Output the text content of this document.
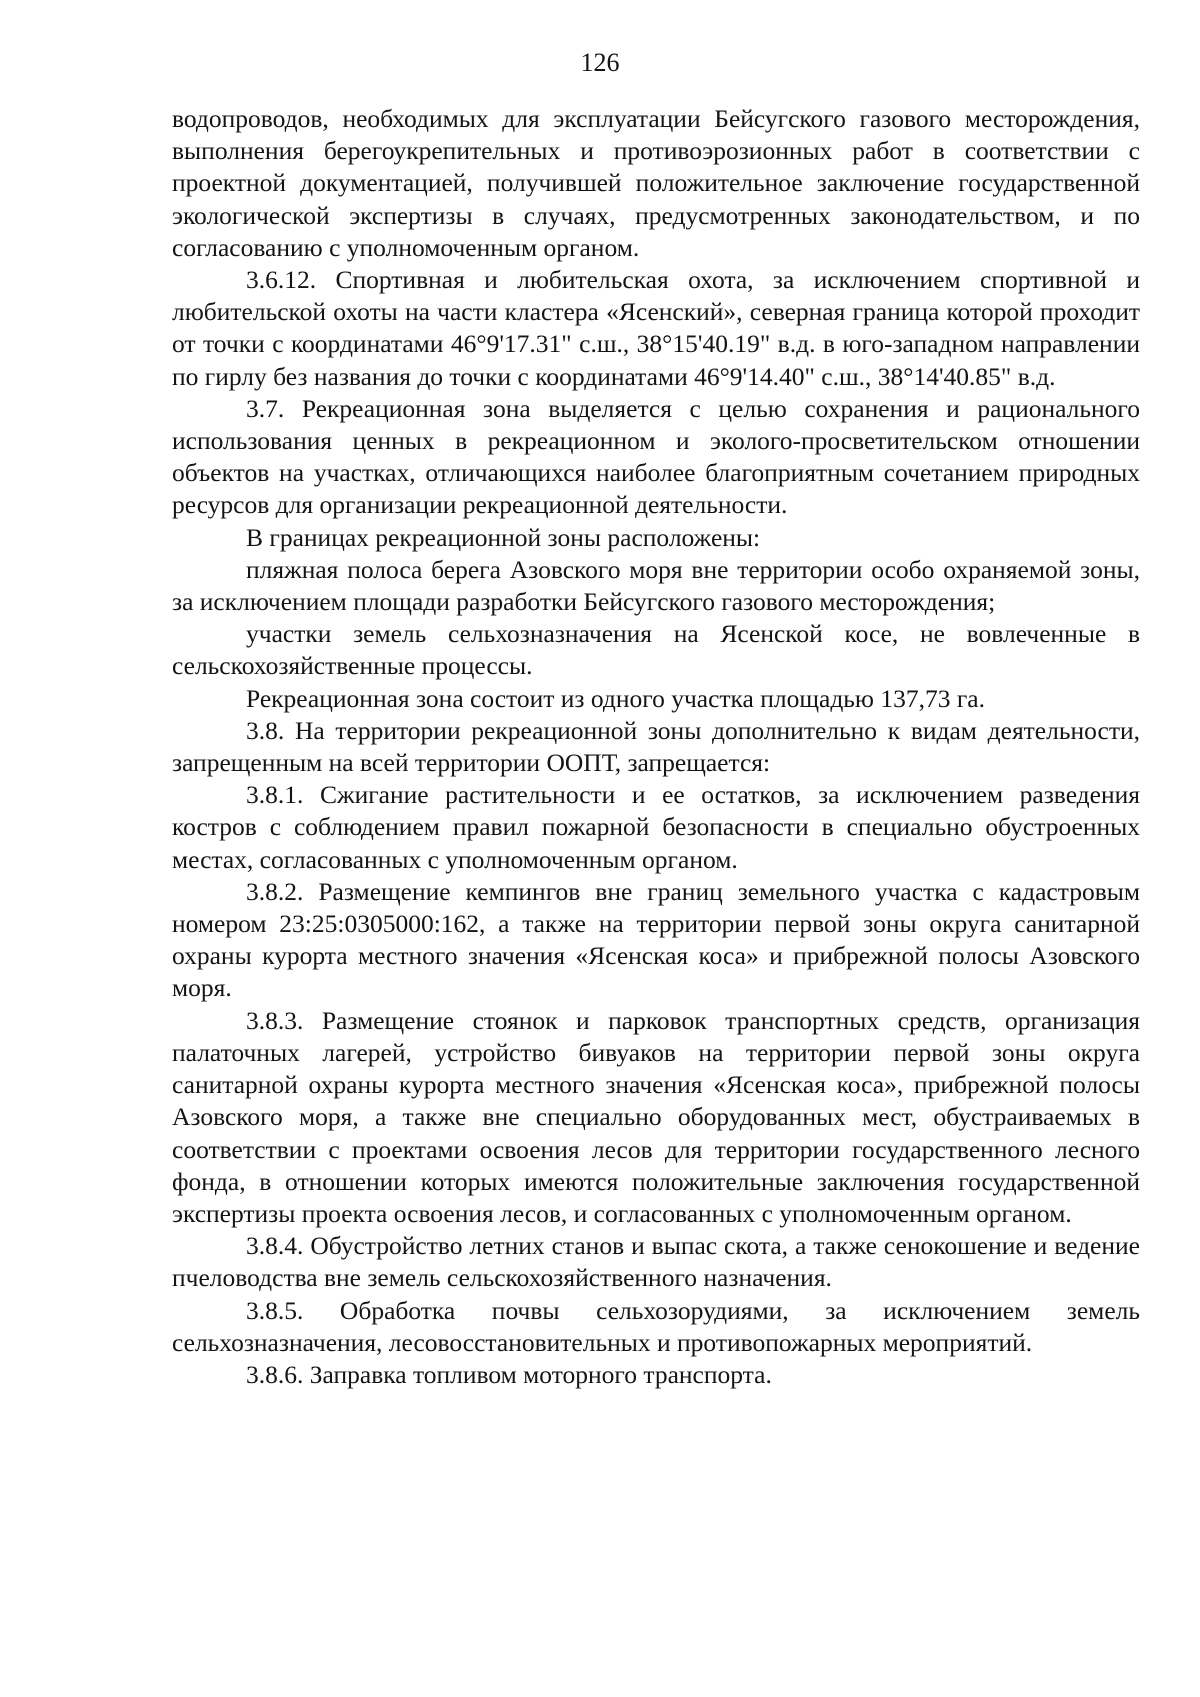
126

водопроводов, необходимых для эксплуатации Бейсугского газового месторождения, выполнения берегоукрепительных и противоэрозионных работ в соответствии с проектной документацией, получившей положительное заключение государственной экологической экспертизы в случаях, предусмотренных законодательством, и по согласованию с уполномоченным органом.

3.6.12. Спортивная и любительская охота, за исключением спортивной и любительской охоты на части кластера «Ясенский», северная граница которой проходит от точки с координатами 46°9'17.31" с.ш., 38°15'40.19" в.д. в юго-западном направлении по гирлу без названия до точки с координатами 46°9'14.40" с.ш., 38°14'40.85" в.д.

3.7. Рекреационная зона выделяется с целью сохранения и рационального использования ценных в рекреационном и эколого-просветительском отношении объектов на участках, отличающихся наиболее благоприятным сочетанием природных ресурсов для организации рекреационной деятельности.

В границах рекреационной зоны расположены:

пляжная полоса берега Азовского моря вне территории особо охраняемой зоны, за исключением площади разработки Бейсугского газового месторождения;

участки земель сельхозназначения на Ясенской косе, не вовлеченные в сельскохозяйственные процессы.

Рекреационная зона состоит из одного участка площадью 137,73 га.

3.8. На территории рекреационной зоны дополнительно к видам деятельности, запрещенным на всей территории ООПТ, запрещается:

3.8.1. Сжигание растительности и ее остатков, за исключением разведения костров с соблюдением правил пожарной безопасности в специально обустроенных местах, согласованных с уполномоченным органом.

3.8.2. Размещение кемпингов вне границ земельного участка с кадастровым номером 23:25:0305000:162, а также на территории первой зоны округа санитарной охраны курорта местного значения «Ясенская коса» и прибрежной полосы Азовского моря.

3.8.3. Размещение стоянок и парковок транспортных средств, организация палаточных лагерей, устройство бивуаков на территории первой зоны округа санитарной охраны курорта местного значения «Ясенская коса», прибрежной полосы Азовского моря, а также вне специально оборудованных мест, обустраиваемых в соответствии с проектами освоения лесов для территории государственного лесного фонда, в отношении которых имеются положительные заключения государственной экспертизы проекта освоения лесов, и согласованных с уполномоченным органом.

3.8.4. Обустройство летних станов и выпас скота, а также сенокошение и ведение пчеловодства вне земель сельскохозяйственного назначения.

3.8.5. Обработка почвы сельхозорудиями, за исключением земель сельхозназначения, лесовосстановительных и противопожарных мероприятий.

3.8.6. Заправка топливом моторного транспорта.
